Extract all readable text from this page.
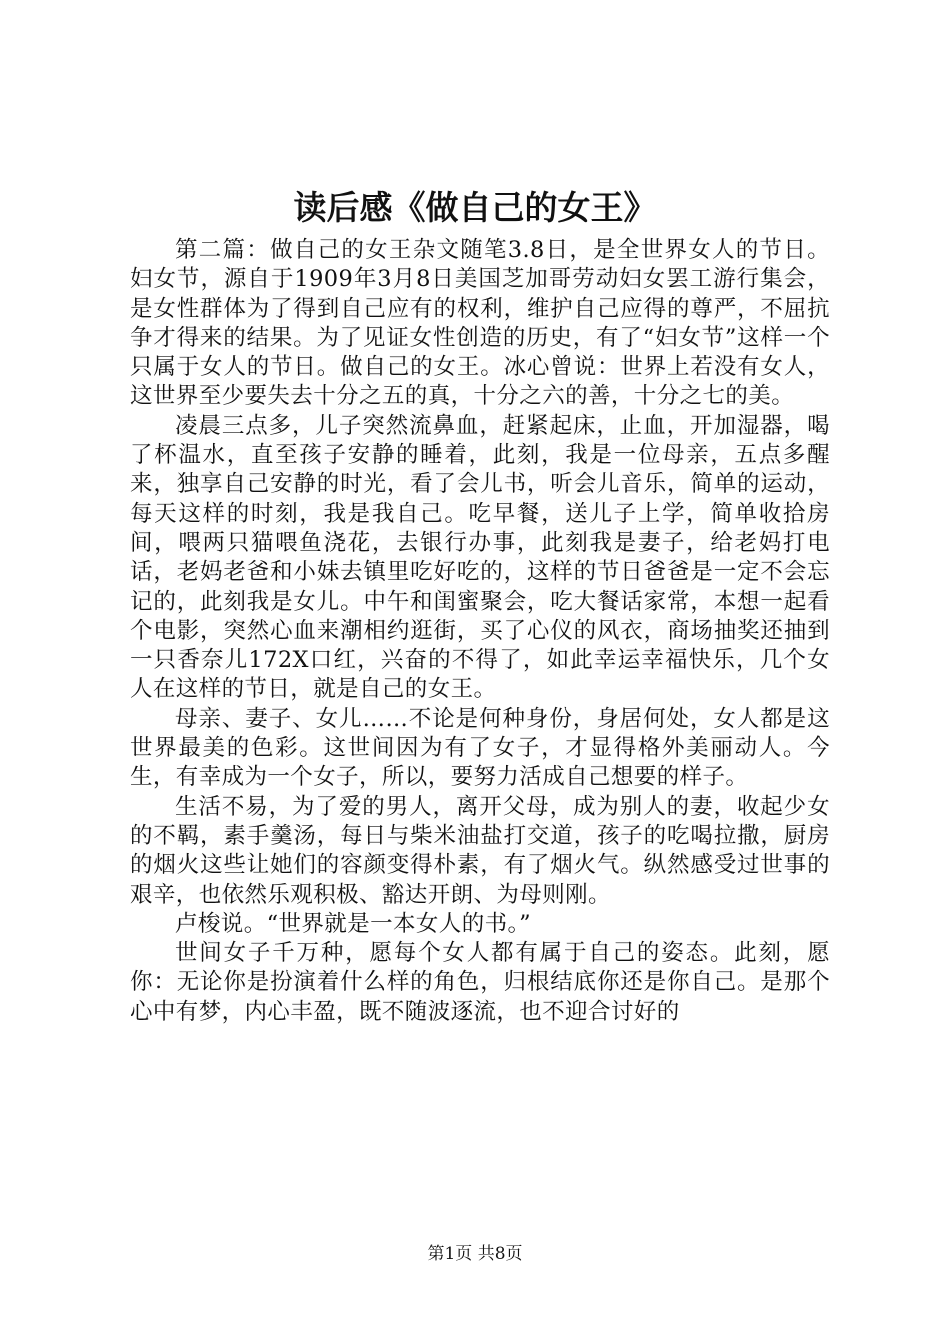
读后感《做自己的女王》

第二篇：做自己的女王杂文随笔3.8日，是全世界女人的节日。妇女节，源自于1909年3月8日美国芝加哥劳动妇女罢工游行集会，是女性群体为了得到自己应有的权利，维护自己应得的尊严，不屈抗争才得来的结果。为了见证女性创造的历史，有了“妇女节”这样一个只属于女人的节日。做自己的女王。冰心曾说：世界上若没有女人，这世界至少要失去十分之五的真，十分之六的善，十分之七的美。

凌晨三点多，儿子突然流鼻血，赶紧起床，止血，开加湿器，喝了杯温水，直至孩子安静的睡着，此刻，我是一位母亲，五点多醒来，独享自己安静的时光，看了会儿书，听会儿音乐，简单的运动，每天这样的时刻，我是我自己。吃早餐，送儿子上学，简单收拾房间，喂两只猫喂鱼浇花，去银行办事，此刻我是妻子，给老妈打电话，老妈老爸和小妹去镇里吃好吃的，这样的节日爸爸是一定不会忘记的，此刻我是女儿。中午和闺蜜聚会，吃大餐话家常，本想一起看个电影，突然心血来潮相约逛街，买了心仪的风衣，商场抽奖还抽到一只香奈儿172X口红，兴奋的不得了，如此幸运幸福快乐，几个女人在这样的节日，就是自己的女王。

母亲、妻子、女儿……不论是何种身份，身居何处，女人都是这世界最美的色彩。这世间因为有了女子，才显得格外美丽动人。今生，有幸成为一个女子，所以，要努力活成自己想要的样子。

生活不易，为了爱的男人，离开父母，成为别人的妻，收起少女的不羁，素手羹汤，每日与柴米油盐打交道，孩子的吃喝拉撒，厨房的烟火这些让她们的容颜变得朴素，有了烟火气。纵然感受过世事的艰辛，也依然乐观积极、豁达开朗、为母则刚。

卢梭说。“世界就是一本女人的书。”

世间女子千万种，愿每个女人都有属于自己的姿态。此刻，愿你：无论你是扮演着什么样的角色，归根结底你还是你自己。是那个心中有梦，内心丰盈，既不随波逐流，也不迎合讨好的

第1页 共8页
